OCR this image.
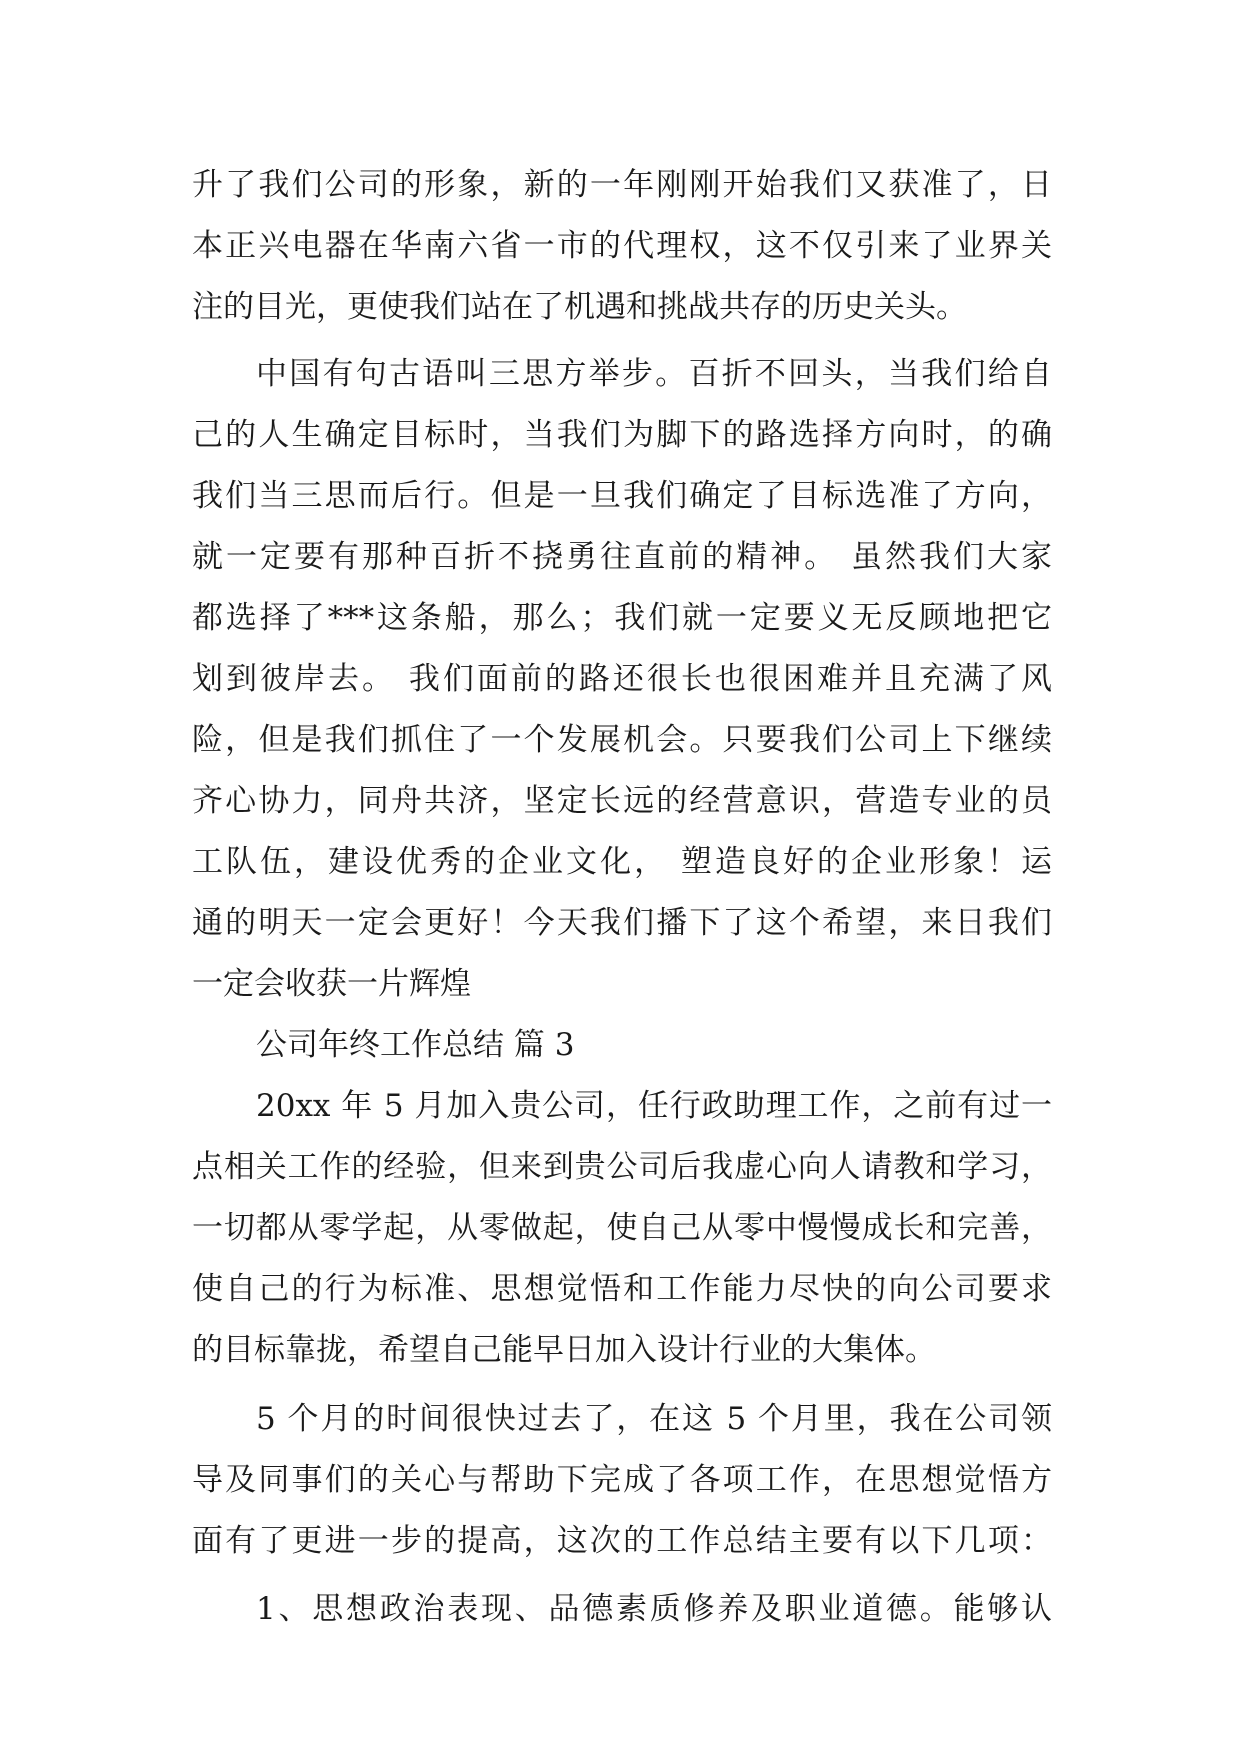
升了我们公司的形象，新的一年刚刚开始我们又获准了，日
本正兴电器在华南六省一市的代理权，这不仅引来了业界关
注的目光，更使我们站在了机遇和挑战共存的历史关头。
中国有句古语叫三思方举步。百折不回头，当我们给自
己的人生确定目标时，当我们为脚下的路选择方向时，的确
我们当三思而后行。但是一旦我们确定了目标选准了方向，
就一定要有那种百折不挠勇往直前的精神。 虽然我们大家
都选择了***这条船，那么；我们就一定要义无反顾地把它
划到彼岸去。 我们面前的路还很长也很困难并且充满了风
险，但是我们抓住了一个发展机会。只要我们公司上下继续
齐心协力，同舟共济，坚定长远的经营意识，营造专业的员
工队伍，建设优秀的企业文化， 塑造良好的企业形象！运
通的明天一定会更好！今天我们播下了这个希望，来日我们
一定会收获一片辉煌
公司年终工作总结 篇 3
20xx 年 5 月加入贵公司，任行政助理工作，之前有过一
点相关工作的经验，但来到贵公司后我虚心向人请教和学习，
一切都从零学起，从零做起，使自己从零中慢慢成长和完善，
使自己的行为标准、思想觉悟和工作能力尽快的向公司要求
的目标靠拢，希望自己能早日加入设计行业的大集体。
5 个月的时间很快过去了，在这 5 个月里，我在公司领
导及同事们的关心与帮助下完成了各项工作，在思想觉悟方
面有了更进一步的提高，这次的工作总结主要有以下几项：
1、思想政治表现、品德素质修养及职业道德。能够认
